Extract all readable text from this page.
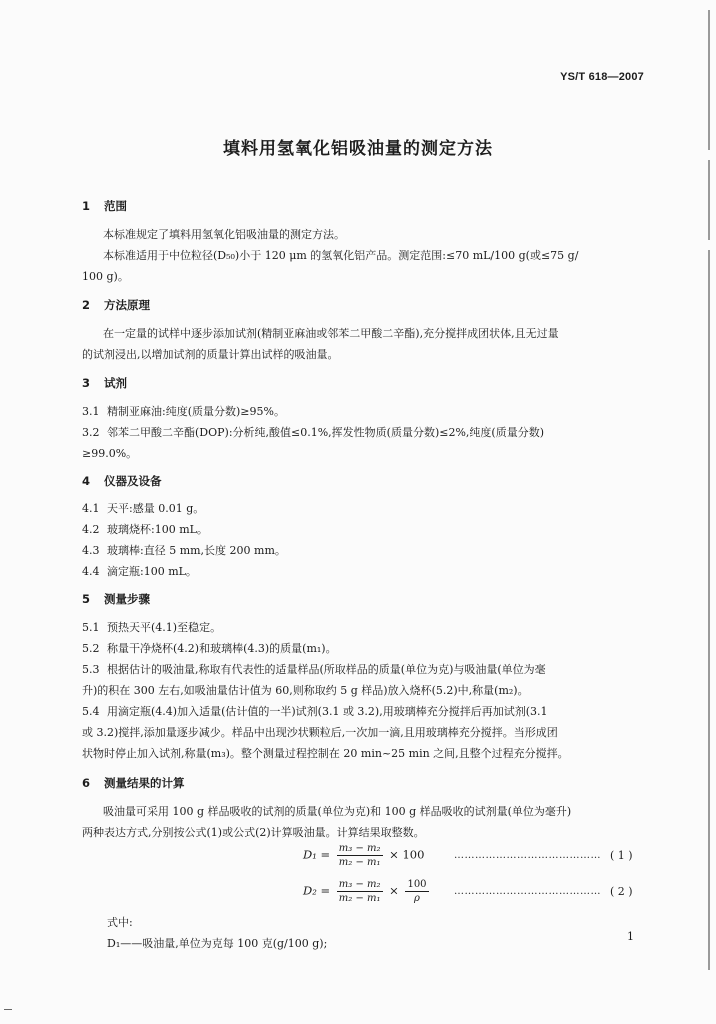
YS/T 618—2007
填料用氢氧化铝吸油量的测定方法
1 范围
本标准规定了填料用氢氧化铝吸油量的测定方法。
本标准适用于中位粒径(D₅₀)小于 120 μm 的氢氧化铝产品。测定范围:≤70 mL/100 g(或≤75 g/
100 g)。
2 方法原理
在一定量的试样中逐步添加试剂(精制亚麻油或邻苯二甲酸二辛酯),充分搅拌成团状体,且无过量
的试剂浸出,以增加试剂的质量计算出试样的吸油量。
3 试剂
3.1 精制亚麻油:纯度(质量分数)≥95%。
3.2 邻苯二甲酸二辛酯(DOP):分析纯,酸值≤0.1%,挥发性物质(质量分数)≤2%,纯度(质量分数)
≥99.0%。
4 仪器及设备
4.1 天平:感量 0.01 g。
4.2 玻璃烧杯:100 mL。
4.3 玻璃棒:直径 5 mm,长度 200 mm。
4.4 滴定瓶:100 mL。
5 测量步骤
5.1 预热天平(4.1)至稳定。
5.2 称量干净烧杯(4.2)和玻璃棒(4.3)的质量(m₁)。
5.3 根据估计的吸油量,称取有代表性的适量样品(所取样品的质量(单位为克)与吸油量(单位为毫
升)的积在 300 左右,如吸油量估计值为 60,则称取约 5 g 样品)放入烧杯(5.2)中,称量(m₂)。
5.4 用滴定瓶(4.4)加入适量(估计值的一半)试剂(3.1 或 3.2),用玻璃棒充分搅拌后再加试剂(3.1
或 3.2)搅拌,添加量逐步减少。样品中出现沙状颗粒后,一次加一滴,且用玻璃棒充分搅拌。当形成团
状物时停止加入试剂,称量(m₃)。整个测量过程控制在 20 min~25 min 之间,且整个过程充分搅拌。
6 测量结果的计算
吸油量可采用 100 g 样品吸收的试剂的质量(单位为克)和 100 g 样品吸收的试剂量(单位为毫升)
两种表达方式,分别按公式(1)或公式(2)计算吸油量。计算结果取整数。
$D_1 = \frac{\text{m₃ − m₂}}{\text{m₂ − m₁}} \times 100$	…………………………………… ( 1 )
$D_2 = \frac{\text{m₃ − m₂}}{\text{m₂ − m₁}} \times \frac{100}{\rho}$	…………………………………… ( 2 )
式中:
D₁——吸油量,单位为克每 100 克(g/100 g);
1
